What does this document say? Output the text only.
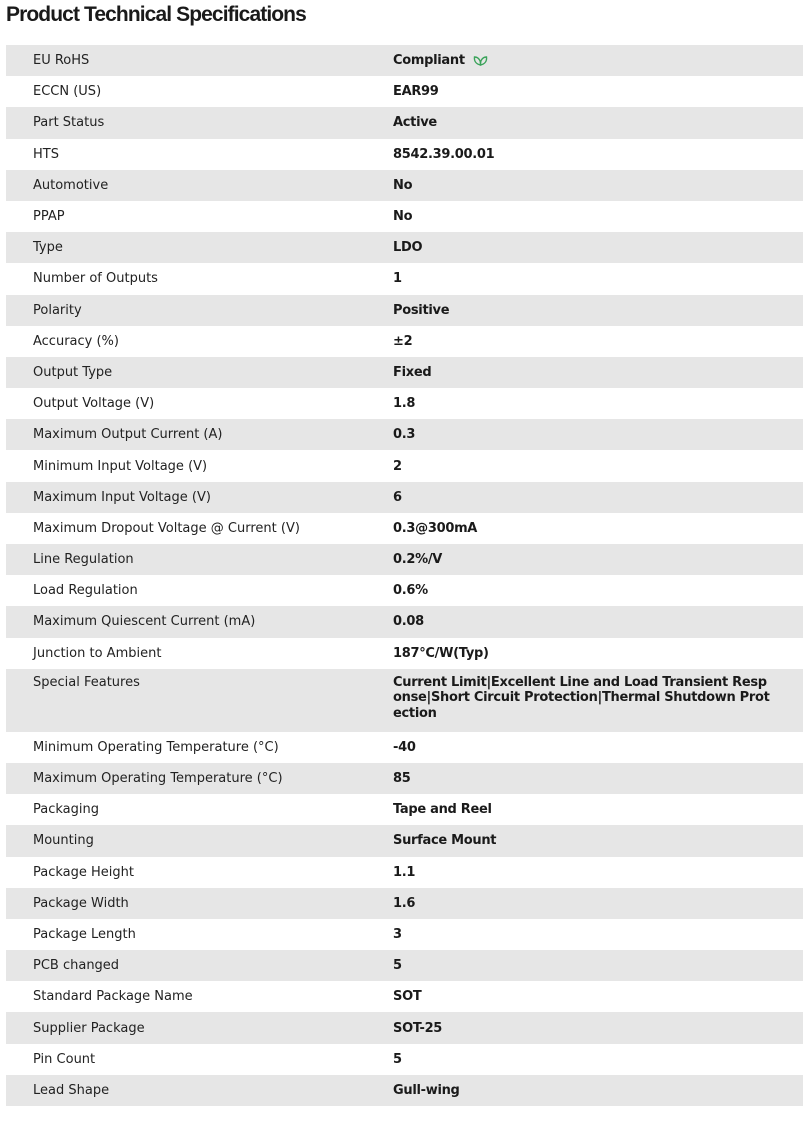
Product Technical Specifications
EU RoHS	Compliant
ECCN (US)	EAR99
Part Status	Active
HTS	8542.39.00.01
Automotive	No
PPAP	No
Type	LDO
Number of Outputs	1
Polarity	Positive
Accuracy (%)	±2
Output Type	Fixed
Output Voltage (V)	1.8
Maximum Output Current (A)	0.3
Minimum Input Voltage (V)	2
Maximum Input Voltage (V)	6
Maximum Dropout Voltage @ Current (V)	0.3@300mA
Line Regulation	0.2%/V
Load Regulation	0.6%
Maximum Quiescent Current (mA)	0.08
Junction to Ambient	187°C/W(Typ)
Special Features	Current Limit|Excellent Line and Load Transient Response|Short Circuit Protection|Thermal Shutdown Protection

Minimum Operating Temperature (°C)	-40
Maximum Operating Temperature (°C)	85
Packaging	Tape and Reel
Mounting	Surface Mount
Package Height	1.1
Package Width	1.6
Package Length	3
PCB changed	5
Standard Package Name	SOT
Supplier Package	SOT-25
Pin Count	5
Lead Shape	Gull-wing
